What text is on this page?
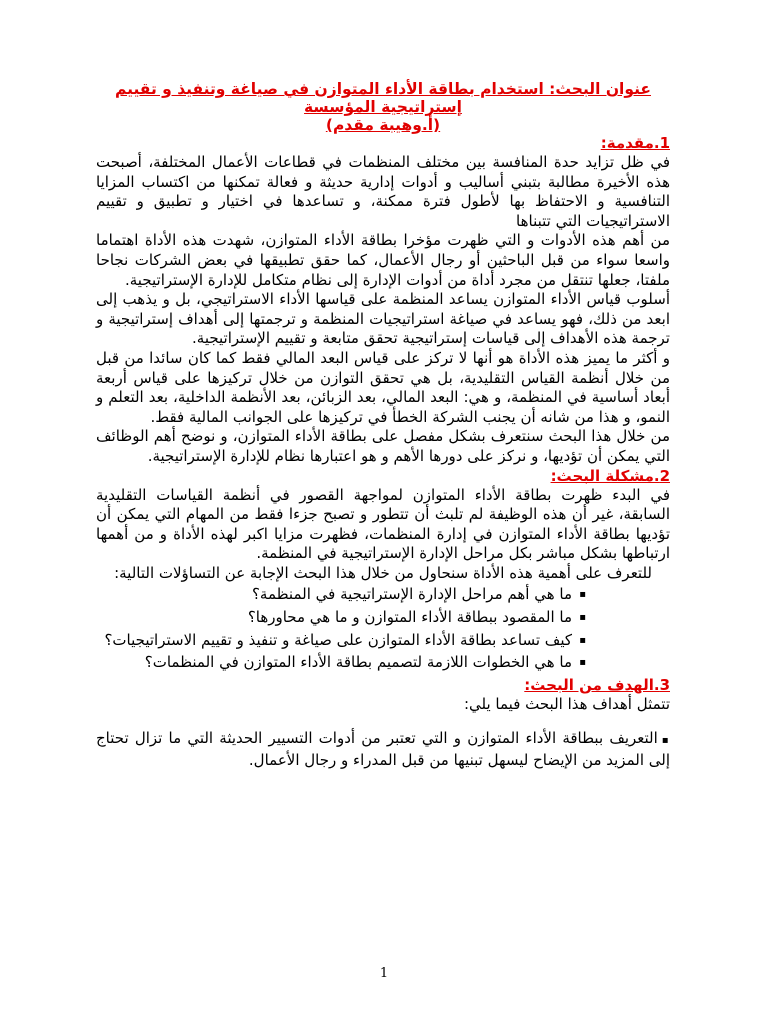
عنوان البحث: استخدام بطاقة الأداء المتوازن في صياغة وتنفيذ و تقييم إستراتيجية المؤسسة
(أ.وهيبة مقدم)
1.مقدمة:

في ظل تزايد حدة المنافسة بين مختلف المنظمات في قطاعات الأعمال المختلفة، أصبحت هذه الأخيرة مطالبة بتبني أساليب و أدوات إدارية حديثة و فعالة تمكنها من اكتساب المزايا التنافسية و الاحتفاظ بها لأطول فترة ممكنة، و تساعدها في اختيار و تطبيق و تقييم الاستراتيجيات التي تتبناها

من أهم هذه الأدوات و التي ظهرت مؤخرا بطاقة الأداء المتوازن، شهدت هذه الأداة اهتماما واسعا سواء من قبل الباحثين أو رجال الأعمال، كما حقق تطبيقها في بعض الشركات نجاحا ملفتا، جعلها تنتقل من مجرد أداة من أدوات الإدارة إلى نظام متكامل للإدارة الإستراتيجية.

أسلوب قياس الأداء المتوازن يساعد المنظمة على قياسها الأداء الاستراتيجي، بل و يذهب إلى ابعد من ذلك، فهو يساعد في صياغة استراتيجيات المنظمة و ترجمتها إلى أهداف إستراتيجية و ترجمة هذه الأهداف إلى قياسات إستراتيجية تحقق متابعة و تقييم الإستراتيجية.

و أكثر ما يميز هذه الأداة هو أنها لا تركز على قياس البعد المالي فقط كما كان سائدا من قبل من خلال أنظمة القياس التقليدية، بل هي تحقق التوازن من خلال تركيزها على قياس أربعة أبعاد أساسية في المنظمة، و هي: البعد المالي، بعد الزبائن، بعد الأنظمة الداخلية، بعد التعلم و النمو، و هذا من شانه أن يجنب الشركة الخطأ في تركيزها على الجوانب المالية فقط.

من خلال هذا البحث سنتعرف بشكل مفصل على بطاقة الأداء المتوازن، و نوضح أهم الوظائف التي يمكن أن تؤديها، و نركز على دورها الأهم و هو اعتبارها نظام للإدارة الإستراتيجية.

2.مشكلة البحث:

في البدء ظهرت بطاقة الأداء المتوازن لمواجهة القصور في أنظمة القياسات التقليدية السابقة، غير أن هذه الوظيفة لم تلبث أن تتطور و تصبح جزءا فقط من المهام التي يمكن أن تؤديها بطاقة الأداء المتوازن في إدارة المنظمات، فظهرت مزايا اكبر لهذه الأداة و من أهمها ارتباطها بشكل مباشر بكل مراحل الإدارة الإستراتيجية في المنظمة.

للتعرف على أهمية هذه الأداة سنحاول من خلال هذا البحث الإجابة عن التساؤلات التالية:

▪
ما هي أهم مراحل الإدارة الإستراتيجية في المنظمة؟
▪
ما المقصود ببطاقة الأداء المتوازن و ما هي محاورها؟
▪
كيف تساعد بطاقة الأداء المتوازن على صياغة و تنفيذ و تقييم الاستراتيجيات؟
▪
ما هي الخطوات اللازمة لتصميم بطاقة الأداء المتوازن في المنظمات؟
3.الهدف من البحث:

تتمثل أهداف هذا البحث فيما يلي:

▪التعريف ببطاقة الأداء المتوازن و التي تعتبر من أدوات التسيير الحديثة التي ما تزال تحتاج إلى المزيد من الإيضاح ليسهل تبنيها من قبل المدراء و رجال الأعمال.

1
